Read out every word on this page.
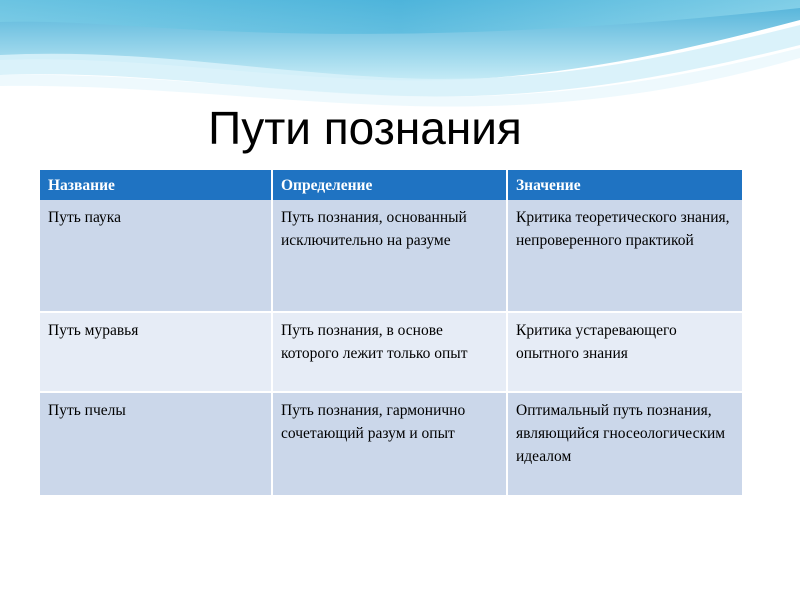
Пути познания
Название	Определение	Значение
Путь паука	Путь познания, основанный исключительно на разуме	Критика теоретического знания, непроверенного практикой
Путь муравья	Путь познания, в основе которого лежит только опыт	Критика устаревающего опытного знания
Путь пчелы	Путь познания, гармонично сочетающий разум и опыт	Оптимальный путь познания, являющийся гносеологическим идеалом
